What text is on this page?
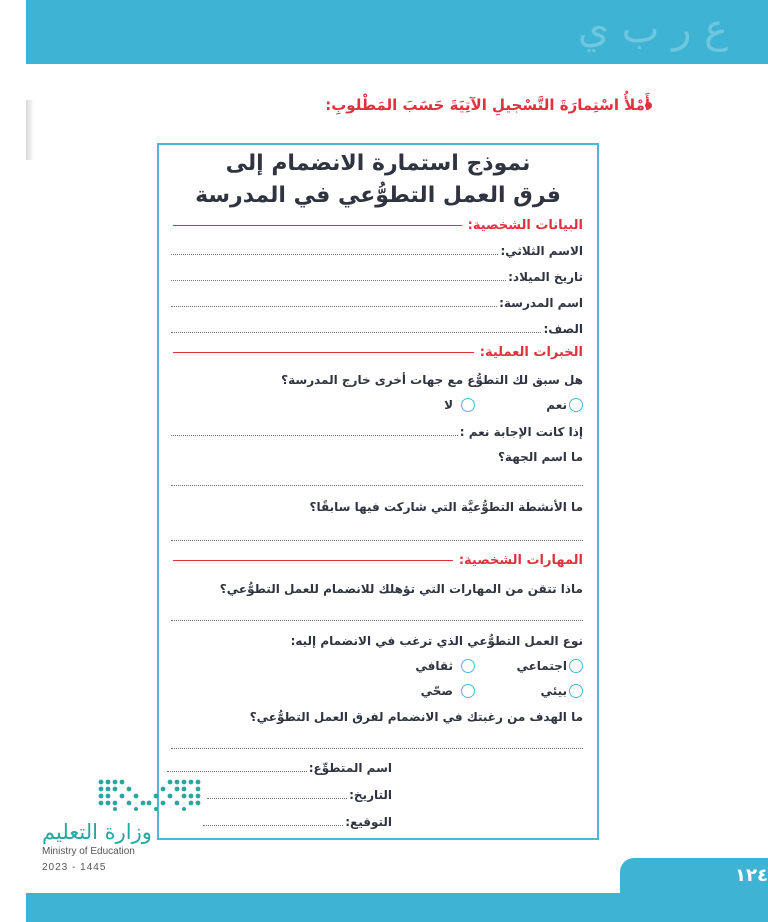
ع ر ب ي
أَمْلأُ اسْتِمارَةَ التَّسْجيلِ الآتِيَةَ حَسَبَ المَطْلوبِ:
نموذج استمارة الانضمام إلى
فرق العمل التطوُّعي في المدرسة
البيانات الشخصية:
الاسم الثلاثي:
تاريخ الميلاد:
اسم المدرسة:
الصف:
الخبرات العملية:
هل سبق لك التطوُّع مع جهات أخرى خارج المدرسة؟
نعم
لا
إذا كانت الإجابة نعم :
ما اسم الجهة؟
ما الأنشطة التطوُّعيَّة التي شاركت فيها سابقًا؟
المهارات الشخصية:
ماذا تتقن من المهارات التي تؤهلك للانضمام للعمل التطوُّعي؟
نوع العمل التطوُّعي الذي ترغب في الانضمام إليه:
اجتماعي
ثقافي
بيئي
صحّي
ما الهدف من رغبتك في الانضمام لفرق العمل التطوُّعي؟
اسم المتطوِّع:
التاريخ:
التوقيع:
وزارة التعليم
Ministry of Education
2023 - 1445	١٢٤
